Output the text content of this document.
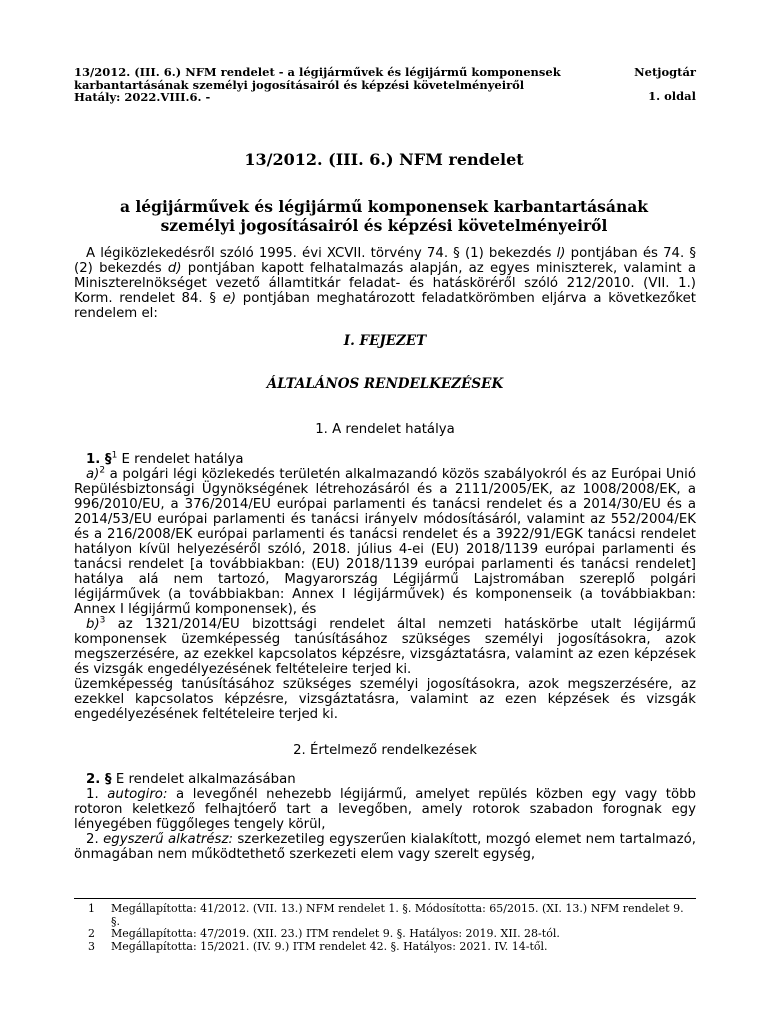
13/2012. (III. 6.) NFM rendelet - a légijárművek és légijármű komponensek
karbantartásának személyi jogosításairól és képzési követelményeiről
Hatály: 2022.VIII.6. -
Netjogtár
1. oldal
13/2012. (III. 6.) NFM rendelet
a légijárművek és légijármű komponensek karbantartásának
személyi jogosításairól és képzési követelményeiről

A légiközlekedésről szóló 1995. évi XCVII. törvény 74. § (1) bekezdés l) pontjában és 74. § (2) bekezdés d) pontjában kapott felhatalmazás alapján, az egyes miniszterek, valamint a Miniszterelnökséget vezető államtitkár feladat- és hatásköréről szóló 212/2010. (VII. 1.) Korm. rendelet 84. § e) pontjában meghatározott feladatkörömben eljárva a következőket rendelem el:

I. FEJEZET
ÁLTALÁNOS RENDELKEZÉSEK
1. A rendelet hatálya

1. §$^1$ E rendelet hatálya

a)$^2$ a polgári légi közlekedés területén alkalmazandó közös szabályokról és az Európai Unió Repülésbiztonsági Ügynökségének létrehozásáról és a 2111/2005/EK, az 1008/2008/EK, a 996/2010/EU, a 376/2014/EU európai parlamenti és tanácsi rendelet és a 2014/30/EU és a 2014/53/EU európai parlamenti és tanácsi irányelv módosításáról, valamint az 552/2004/EK és a 216/2008/EK európai parlamenti és tanácsi rendelet és a 3922/91/EGK tanácsi rendelet hatályon kívül helyezéséről szóló, 2018. július 4-ei (EU) 2018/1139 európai parlamenti és tanácsi rendelet [a továbbiakban: (EU) 2018/1139 európai parlamenti és tanácsi rendelet] hatálya alá nem tartozó, Magyarország Légijármű Lajstromában szereplő polgári légijárművek (a továbbiakban: Annex I légijárművek) és komponenseik (a továbbiakban: Annex I légijármű komponensek), és

b)$^3$ az 1321/2014/EU bizottsági rendelet által nemzeti hatáskörbe utalt légijármű komponensek üzemképesség tanúsításához szükséges személyi jogosításokra, azok megszerzésére, az ezekkel kapcsolatos képzésre, vizsgáztatásra, valamint az ezen képzések és vizsgák engedélyezésének feltételeire terjed ki.

üzemképesség tanúsításához szükséges személyi jogosításokra, azok megszerzésére, az ezekkel kapcsolatos képzésre, vizsgáztatásra, valamint az ezen képzések és vizsgák engedélyezésének feltételeire terjed ki.

2. Értelmező rendelkezések

2. § E rendelet alkalmazásában

1. autogiro: a levegőnél nehezebb légijármű, amelyet repülés közben egy vagy több rotoron keletkező felhajtóerő tart a levegőben, amely rotorok szabadon forognak egy lényegében függőleges tengely körül,

2. egyszerű alkatrész: szerkezetileg egyszerűen kialakított, mozgó elemet nem tartalmazó, önmagában nem működtethető szerkezeti elem vagy szerelt egység,

1 Megállapította: 41/2012. (VII. 13.) NFM rendelet 1. §. Módosította: 65/2015. (XI. 13.) NFM rendelet 9. §.
2 Megállapította: 47/2019. (XII. 23.) ITM rendelet 9. §. Hatályos: 2019. XII. 28-tól.
3 Megállapította: 15/2021. (IV. 9.) ITM rendelet 42. §. Hatályos: 2021. IV. 14-től.
